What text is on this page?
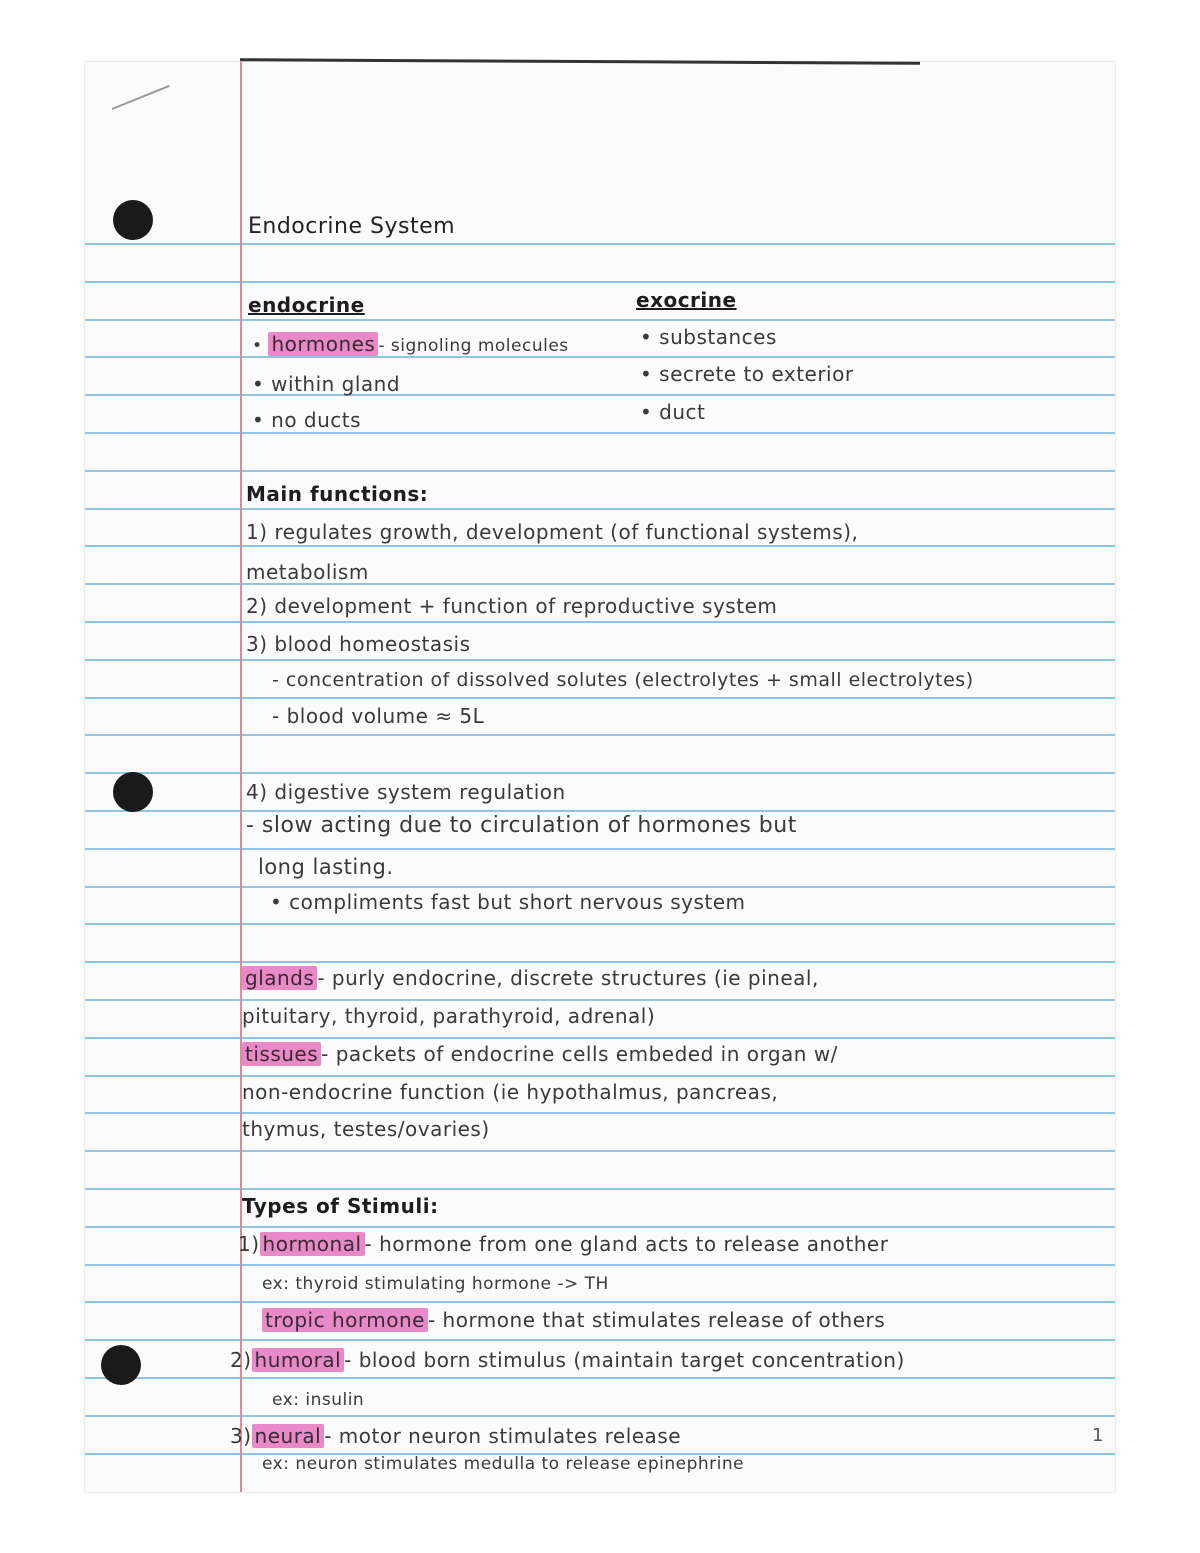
Endocrine System
endocrine
• hormones - signoling molecules
• within gland
• no ducts
exocrine
• substances
• secrete to exterior
• duct
Main functions:
1) regulates growth, development (of functional systems),
metabolism
2) development + function of reproductive system
3) blood homeostasis
- concentration of dissolved solutes (electrolytes + small electrolytes)
- blood volume ≈ 5L
4) digestive system regulation
- slow acting due to circulation of hormones but
long lasting.
• compliments fast but short nervous system
glands - purly endocrine, discrete structures (ie pineal,
pituitary, thyroid, parathyroid, adrenal)
tissues - packets of endocrine cells embeded in organ w/
non-endocrine function (ie hypothalmus, pancreas,
thymus, testes/ovaries)
Types of Stimuli:
1) hormonal - hormone from one gland acts to release another
ex: thyroid stimulating hormone -> TH
tropic hormone - hormone that stimulates release of others
2) humoral - blood born stimulus (maintain target concentration)
ex: insulin
3) neural - motor neuron stimulates release
ex: neuron stimulates medulla to release epinephrine
1
